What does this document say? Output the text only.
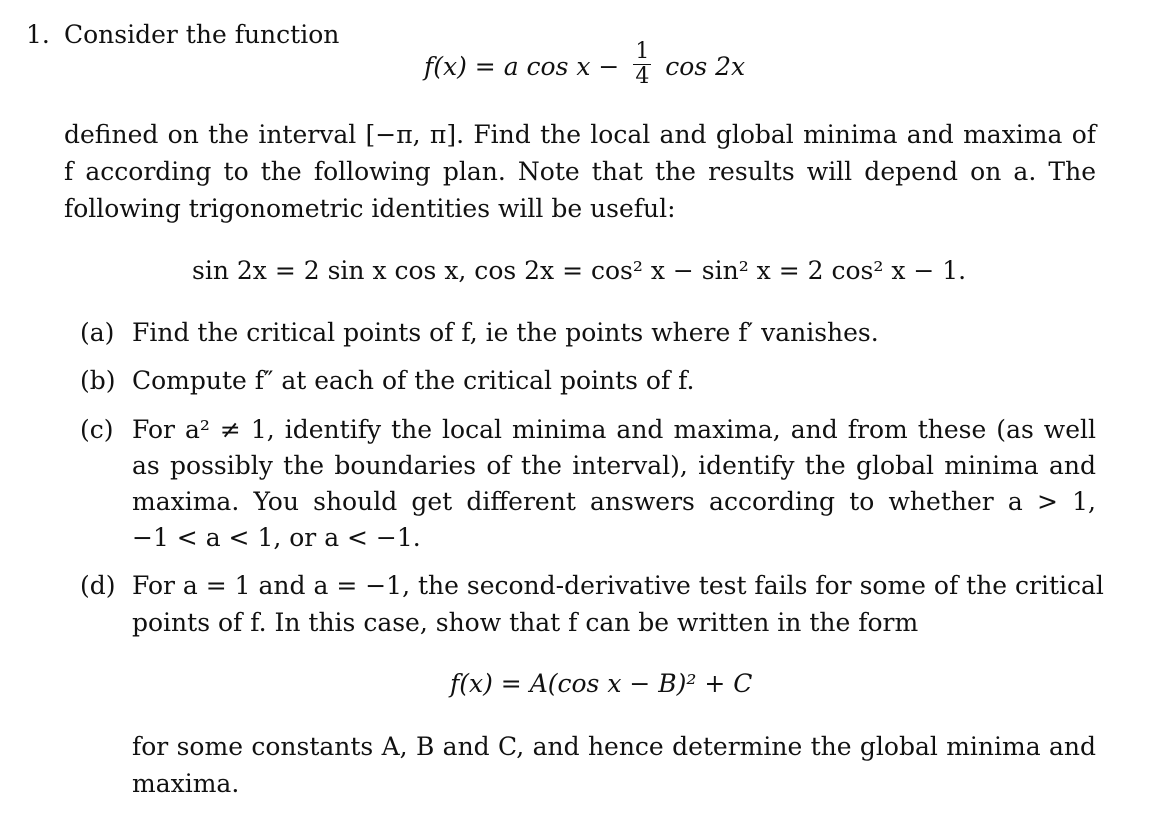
1. Consider the function
f(x) = a $\cos x - \frac{1}{4}$ cos 2x
defined on the interval [−π, π]. Find the local and global minima and maxima of
f according to the following plan. Note that the results will depend on a. The
following trigonometric identities will be useful:
sin 2x = 2 sin x cos x, cos 2x = cos² x − sin² x = 2 cos² x − 1.
(a) Find the critical points of f, ie the points where f′ vanishes.
(b) Compute f″ at each of the critical points of f.
(c) For a² ≠ 1, identify the local minima and maxima, and from these (as well
as possibly the boundaries of the interval), identify the global minima and
maxima. You should get different answers according to whether a > 1,
−1 < a < 1, or a < −1.
(d) For a = 1 and a = −1, the second-derivative test fails for some of the critical
points of f. In this case, show that f can be written in the form
f(x) = A(cos x − B)² + C
for some constants A, B and C, and hence determine the global minima and
maxima.
